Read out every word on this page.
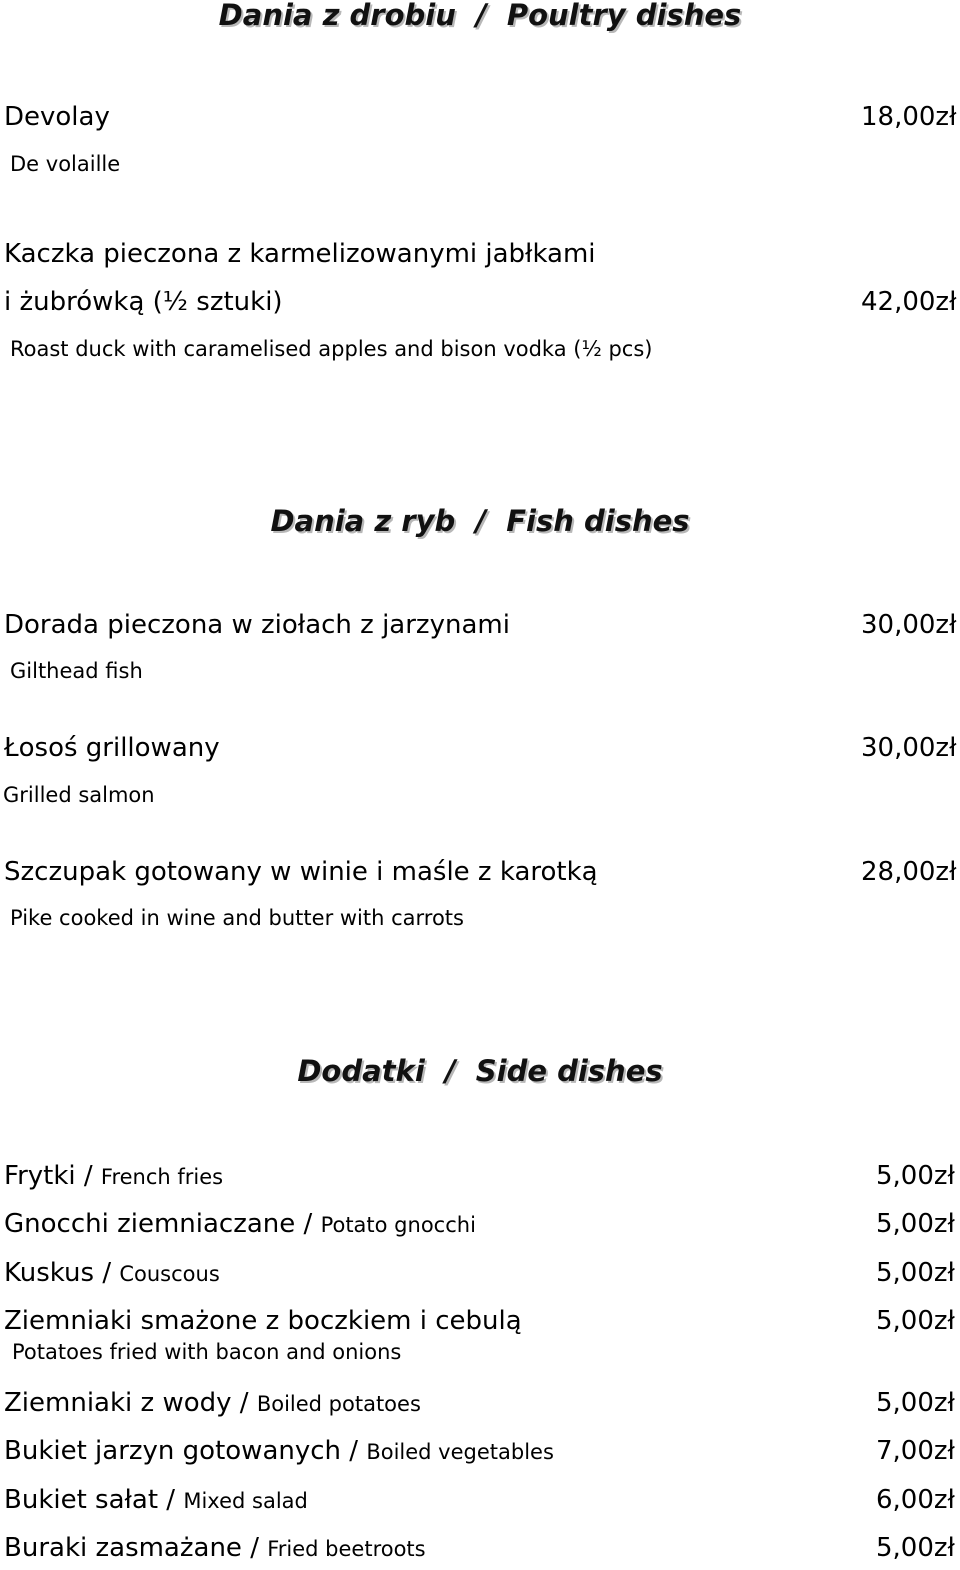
Dania z drobiu  /  Poultry dishes
Devolay	18,00zł
De volaille
Kaczka pieczona z karmelizowanymi jabłkami
i żubrówką (½ sztuki)	42,00zł
Roast duck with caramelised apples and bison vodka (½ pcs)
Dania z ryb  /  Fish dishes
Dorada pieczona w ziołach z jarzynami	30,00zł
Gilthead fish
Łosoś grillowany	30,00zł
Grilled salmon
Szczupak gotowany w winie i maśle z karotką	28,00zł
Pike cooked in wine and butter with carrots
Dodatki  /  Side dishes
Frytki / French fries	5,00zł
Gnocchi ziemniaczane / Potato gnocchi	5,00zł
Kuskus / Couscous	5,00zł
Ziemniaki smażone z boczkiem i cebulą	5,00zł
Potatoes fried with bacon and onions
Ziemniaki z wody / Boiled potatoes	5,00zł
Bukiet jarzyn gotowanych / Boiled vegetables	7,00zł
Bukiet sałat / Mixed salad	6,00zł
Buraki zasmażane / Fried beetroots	5,00zł
